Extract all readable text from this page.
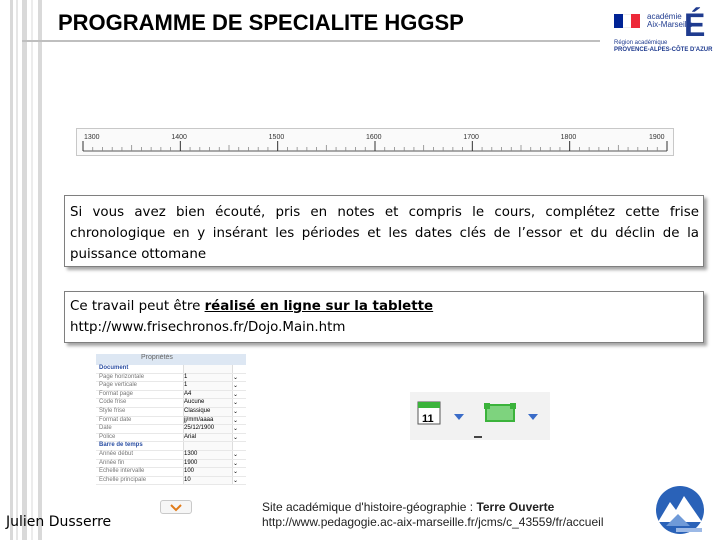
PROGRAMME DE SPECIALITE HGGSP	académie
Aix-Marseille
É
Région académique
PROVENCE-ALPES-CÔTE D'AZUR
1300	1400	1500	1600	1700	1800	1900
Si vous avez bien écouté, pris en notes et compris le cours, complétez cette frise chronologique en y insérant les périodes et les dates clés de l’essor et du déclin de la puissance ottomane
Ce travail peut être réalisé en ligne sur la tablette
http://www.frisechronos.fr/Dojo.Main.htm
Propriétés
Document
Page horizontale	1	⌄
Page verticale	1	⌄
Format page	A4	⌄
Code frise	Aucune	⌄
Style frise	Classique	⌄
Format date	jj/mm/aaaa	⌄
Date	25/12/1900	⌄
Police	Arial	⌄
Barre de temps
Année début	1300	⌄
Année fin	1900	⌄
Echelle intervalle	100	⌄
Echelle principale	10	⌄
11
Julien Dusserre
Site académique d'histoire-géographie : Terre Ouverte
http://www.pedagogie.ac-aix-marseille.fr/jcms/c_43559/fr/accueil
